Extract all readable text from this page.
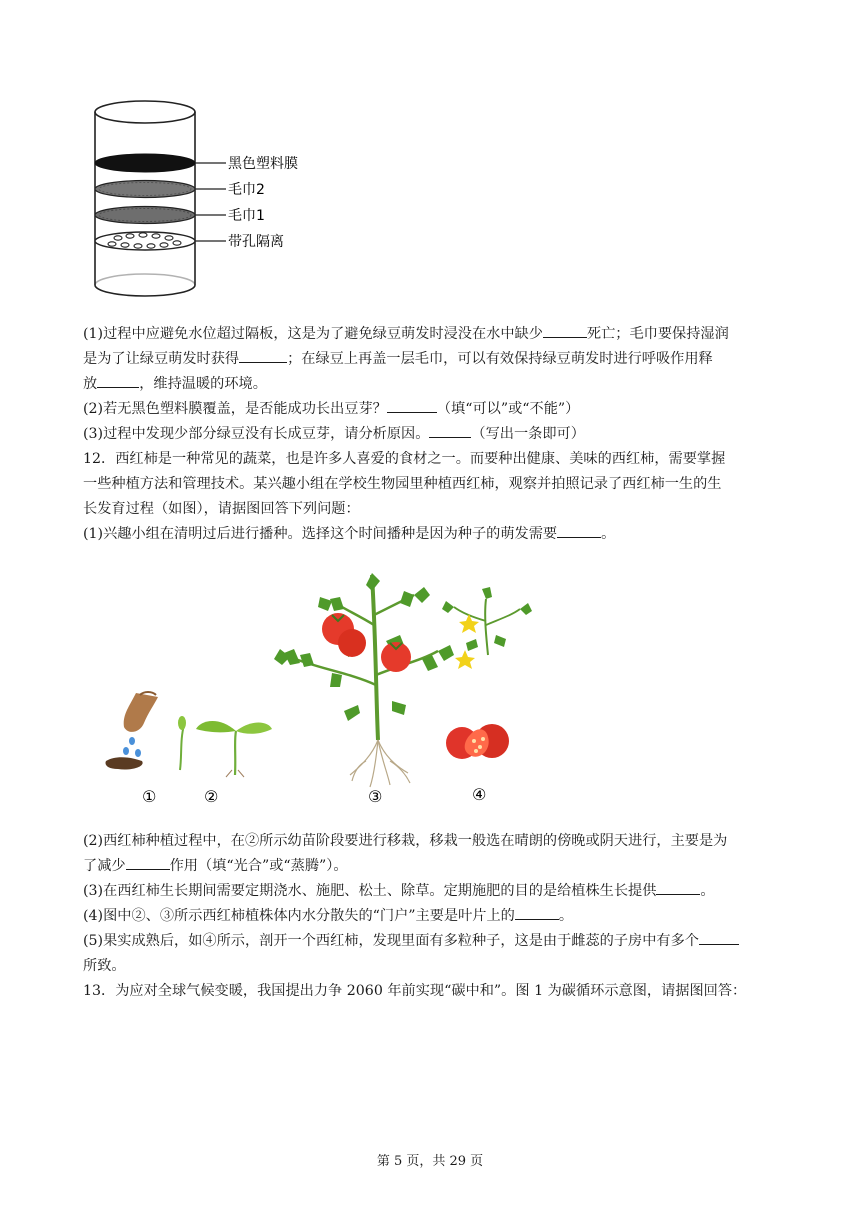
黑色塑料膜
毛巾2
毛巾1
带孔隔离
(1)过程中应避免水位超过隔板，这是为了避免绿豆萌发时浸没在水中缺少	死亡；毛巾要保持湿润
是为了让绿豆萌发时获得	；在绿豆上再盖一层毛巾，可以有效保持绿豆萌发时进行呼吸作用释
放	，维持温暖的环境。
(2)若无黑色塑料膜覆盖，是否能成功长出豆芽？	（填“可以”或“不能”）
(3)过程中发现少部分绿豆没有长成豆芽，请分析原因。	（写出一条即可）
12．西红柿是一种常见的蔬菜，也是许多人喜爱的食材之一。而要种出健康、美味的西红柿，需要掌握
一些种植方法和管理技术。某兴趣小组在学校生物园里种植西红柿，观察并拍照记录了西红柿一生的生
长发育过程（如图），请据图回答下列问题：
(1)兴趣小组在清明过后进行播种。选择这个时间播种是因为种子的萌发需要	。
①	②	③	④
(2)西红柿种植过程中，在②所示幼苗阶段要进行移栽，移栽一般选在晴朗的傍晚或阴天进行，主要是为
了减少	作用（填“光合”或“蒸腾”）。
(3)在西红柿生长期间需要定期浇水、施肥、松土、除草。定期施肥的目的是给植株生长提供	。
(4)图中②、③所示西红柿植株体内水分散失的“门户”主要是叶片上的	。
(5)果实成熟后，如④所示，剖开一个西红柿，发现里面有多粒种子，这是由于雌蕊的子房中有多个
所致。
13．为应对全球气候变暖，我国提出力争 2060 年前实现“碳中和”。图 1 为碳循环示意图，请据图回答：
第 5 页，共 29 页
